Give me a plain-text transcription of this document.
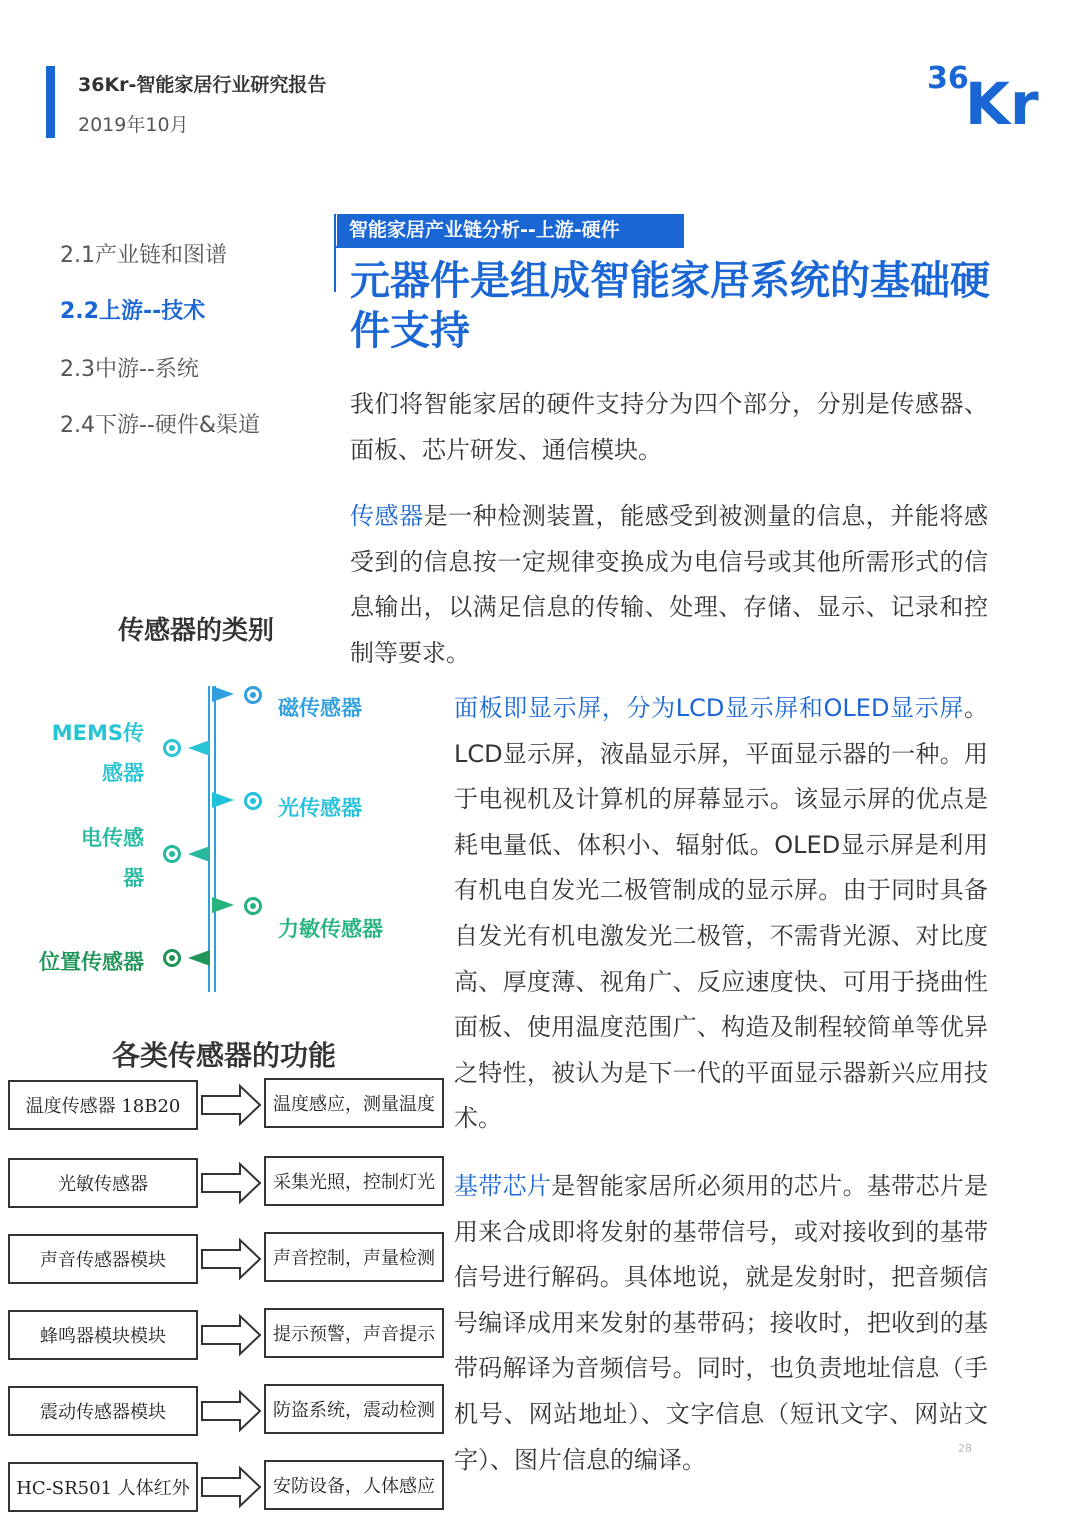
36Kr-智能家居行业研究报告
2019年10月
36
Kr
2.1产业链和图谱
2.2上游--技术
2.3中游--系统
2.4下游--硬件&渠道
智能家居产业链分析--上游-硬件
元器件是组成智能家居系统的基础硬件支持

我们将智能家居的硬件支持分为四个部分，分别是传感器、面板、芯片研发、通信模块。

传感器是一种检测装置，能感受到被测量的信息，并能将感受到的信息按一定规律变换成为电信号或其他所需形式的信息输出，以满足信息的传输、处理、存储、显示、记录和控制等要求。

面板即显示屏，分为LCD显示屏和OLED显示屏。LCD显示屏，液晶显示屏，平面显示器的一种。用于电视机及计算机的屏幕显示。该显示屏的优点是耗电量低、体积小、辐射低。OLED显示屏是利用有机电自发光二极管制成的显示屏。由于同时具备自发光有机电激发光二极管，不需背光源、对比度高、厚度薄、视角广、反应速度快、可用于挠曲性面板、使用温度范围广、构造及制程较简单等优异之特性，被认为是下一代的平面显示器新兴应用技术。

基带芯片是智能家居所必须用的芯片。基带芯片是用来合成即将发射的基带信号，或对接收到的基带信号进行解码。具体地说，就是发射时，把音频信号编译成用来发射的基带码；接收时，把收到的基带码解译为音频信号。同时，也负责地址信息（手机号、网站地址）、文字信息（短讯文字、网站文字）、图片信息的编译。

传感器的类别
磁传感器
MEMS传
感器
光传感器
电传感
器
力敏传感器
位置传感器
各类传感器的功能
温度传感器 18B20	温度感应，测量温度
光敏传感器	采集光照，控制灯光
声音传感器模块	声音控制，声量检测
蜂鸣器模块模块	提示预警，声音提示
震动传感器模块	防盗系统，震动检测
HC-SR501 人体红外	安防设备，人体感应
28
